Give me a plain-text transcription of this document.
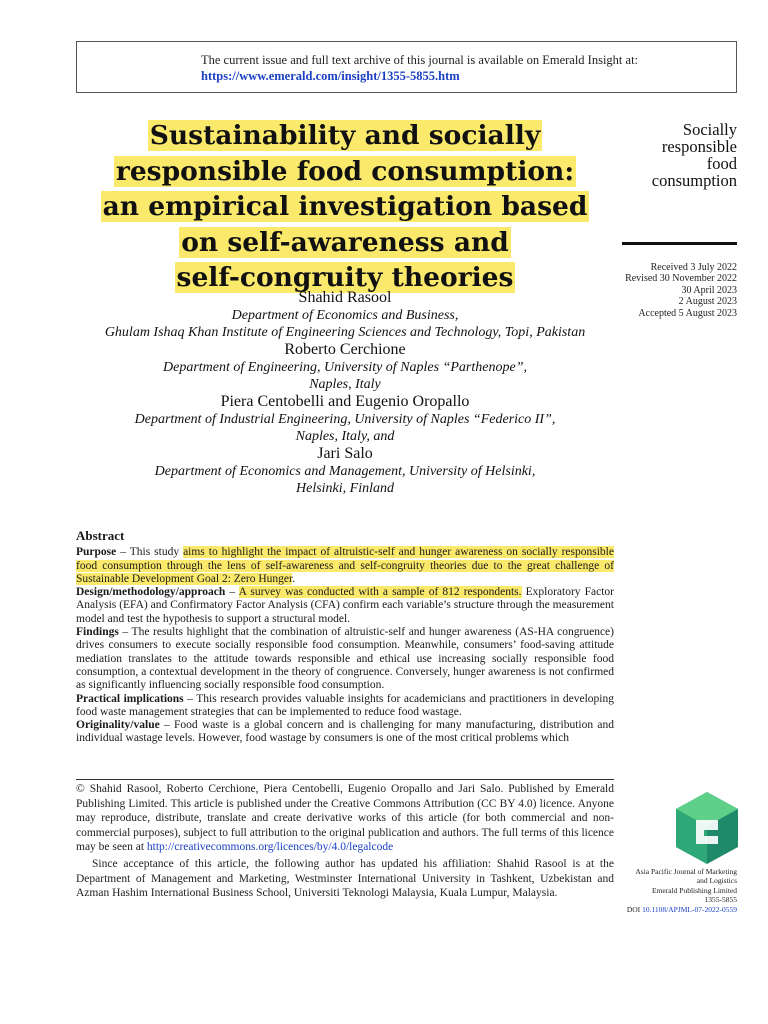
The current issue and full text archive of this journal is available on Emerald Insight at:
https://www.emerald.com/insight/1355-5855.htm
Sustainability and socially
responsible food consumption:
an empirical investigation based
on self-awareness and
self-congruity theories
Socially
responsible
food
consumption
Received 3 July 2022
Revised 30 November 2022
30 April 2023
2 August 2023
Accepted 5 August 2023
Shahid Rasool
Department of Economics and Business,
Ghulam Ishaq Khan Institute of Engineering Sciences and Technology, Topi, Pakistan
Roberto Cerchione
Department of Engineering, University of Naples “Parthenope”,
Naples, Italy
Piera Centobelli and Eugenio Oropallo
Department of Industrial Engineering, University of Naples “Federico II”,
Naples, Italy, and
Jari Salo
Department of Economics and Management, University of Helsinki,
Helsinki, Finland
Abstract

Purpose – This study aims to highlight the impact of altruistic-self and hunger awareness on socially responsible food consumption through the lens of self-awareness and self-congruity theories due to the great challenge of Sustainable Development Goal 2: Zero Hunger.

Design/methodology/approach – A survey was conducted with a sample of 812 respondents. Exploratory Factor Analysis (EFA) and Confirmatory Factor Analysis (CFA) confirm each variable’s structure through the measurement model and test the hypothesis to support a structural model.

Findings – The results highlight that the combination of altruistic-self and hunger awareness (AS-HA congruence) drives consumers to execute socially responsible food consumption. Meanwhile, consumers’ food-saving attitude mediation translates to the attitude towards responsible and ethical use increasing socially responsible food consumption, a contextual development in the theory of congruence. Conversely, hunger awareness is not confirmed as significantly influencing socially responsible food consumption.

Practical implications – This research provides valuable insights for academicians and practitioners in developing food waste management strategies that can be implemented to reduce food wastage.

Originality/value – Food waste is a global concern and is challenging for many manufacturing, distribution and individual wastage levels. However, food wastage by consumers is one of the most critical problems which

© Shahid Rasool, Roberto Cerchione, Piera Centobelli, Eugenio Oropallo and Jari Salo. Published by Emerald Publishing Limited. This article is published under the Creative Commons Attribution (CC BY 4.0) licence. Anyone may reproduce, distribute, translate and create derivative works of this article (for both commercial and non-commercial purposes), subject to full attribution to the original publication and authors. The full terms of this licence may be seen at http://creativecommons.org/licences/by/4.0/legalcode

Since acceptance of this article, the following author has updated his affiliation: Shahid Rasool is at the Department of Management and Marketing, Westminster International University in Tashkent, Uzbekistan and Azman Hashim International Business School, Universiti Teknologi Malaysia, Kuala Lumpur, Malaysia.

Asia Pacific Journal of Marketing
and Logistics
Emerald Publishing Limited
1355-5855
DOI 10.1108/APJML-07-2022-0559
